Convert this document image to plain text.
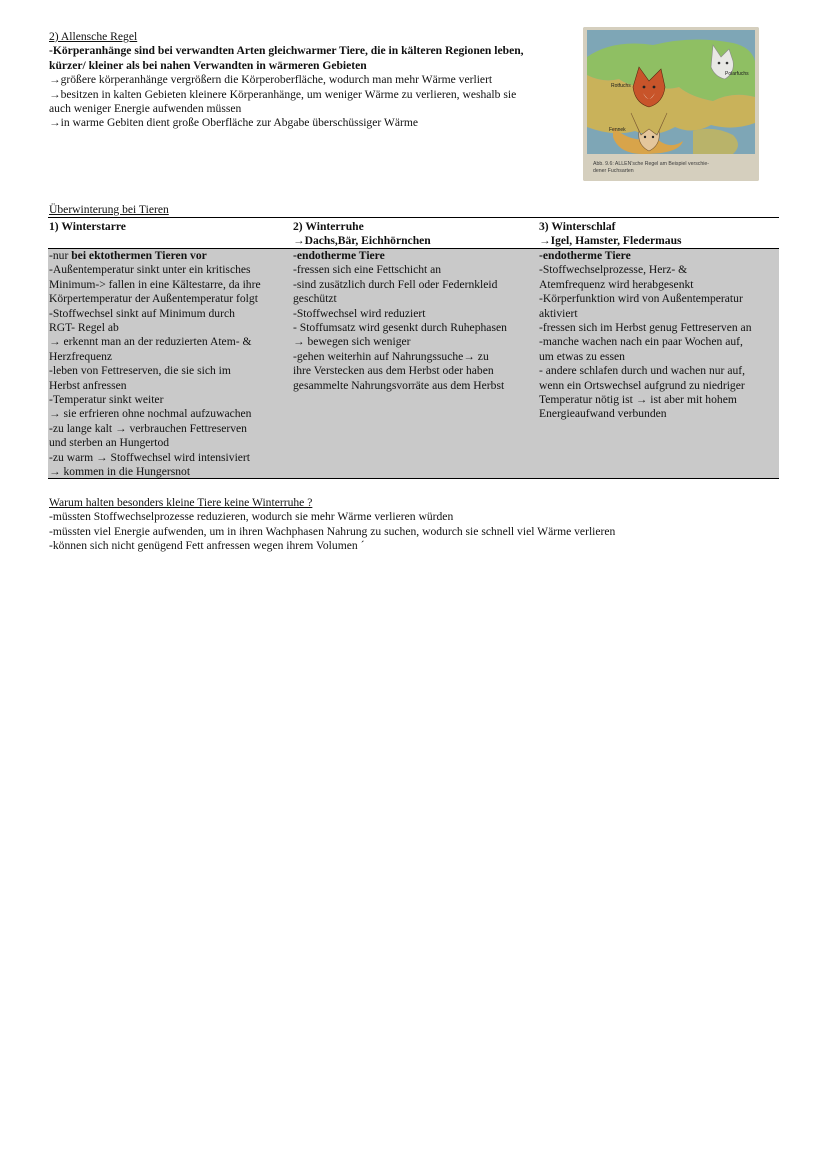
2) Allensche Regel
-Körperanhänge sind bei verwandten Arten gleichwarmer Tiere, die in kälteren Regionen leben,
kürzer/ kleiner als bei nahen Verwandten in wärmeren Gebieten
→größere körperanhänge vergrößern die Körperoberfläche, wodurch man mehr Wärme verliert
→besitzen in kalten Gebieten kleinere Körperanhänge, um weniger Wärme zu verlieren, weshalb sie
auch weniger Energie aufwenden müssen
→in warme Gebiten dient große Oberfläche zur Abgabe überschüssiger Wärme
Polarfuchs
Rotfuchs
Fennek
Abb. 9.6: ALLEN'sche Regel am Beispiel verschie-
dener Fuchsarten
Überwinterung bei Tieren
1) Winterstarre
-nur bei ektothermen Tieren vor
-Außentemperatur sinkt unter ein kritisches
Minimum-> fallen in eine Kältestarre, da ihre
Körpertemperatur der Außentemperatur folgt
-Stoffwechsel sinkt auf Minimum durch
RGT- Regel ab
→ erkennt man an der reduzierten Atem- &
Herzfrequenz
-leben von Fettreserven, die sie sich im
Herbst anfressen
-Temperatur sinkt weiter
→ sie erfrieren ohne nochmal aufzuwachen
-zu lange kalt → verbrauchen Fettreserven
und sterben an Hungertod
-zu warm → Stoffwechsel wird intensiviert
→ kommen in die Hungersnot
2) Winterruhe
→Dachs,Bär, Eichhörnchen
-endotherme Tiere
-fressen sich eine Fettschicht an
-sind zusätzlich durch Fell oder Federnkleid
geschützt
-Stoffwechsel wird reduziert
- Stoffumsatz wird gesenkt durch Ruhephasen
→ bewegen sich weniger
-gehen weiterhin auf Nahrungssuche→ zu
ihre Verstecken aus dem Herbst oder haben
gesammelte Nahrungsvorräte aus dem Herbst
3) Winterschlaf
→Igel, Hamster, Fledermaus
-endotherme Tiere
-Stoffwechselprozesse, Herz- &
Atemfrequenz wird herabgesenkt
-Körperfunktion wird von Außentemperatur
aktiviert
-fressen sich im Herbst genug Fettreserven an
-manche wachen nach ein paar Wochen auf,
um etwas zu essen
- andere schlafen durch und wachen nur auf,
wenn ein Ortswechsel aufgrund zu niedriger
Temperatur nötig ist → ist aber mit hohem
Energieaufwand verbunden
Warum halten besonders kleine Tiere keine Winterruhe ?
-müssten Stoffwechselprozesse reduzieren, wodurch sie mehr Wärme verlieren würden
-müssten viel Energie aufwenden, um in ihren Wachphasen Nahrung zu suchen, wodurch sie schnell viel Wärme verlieren
-können sich nicht genügend Fett anfressen wegen ihrem Volumen ´
